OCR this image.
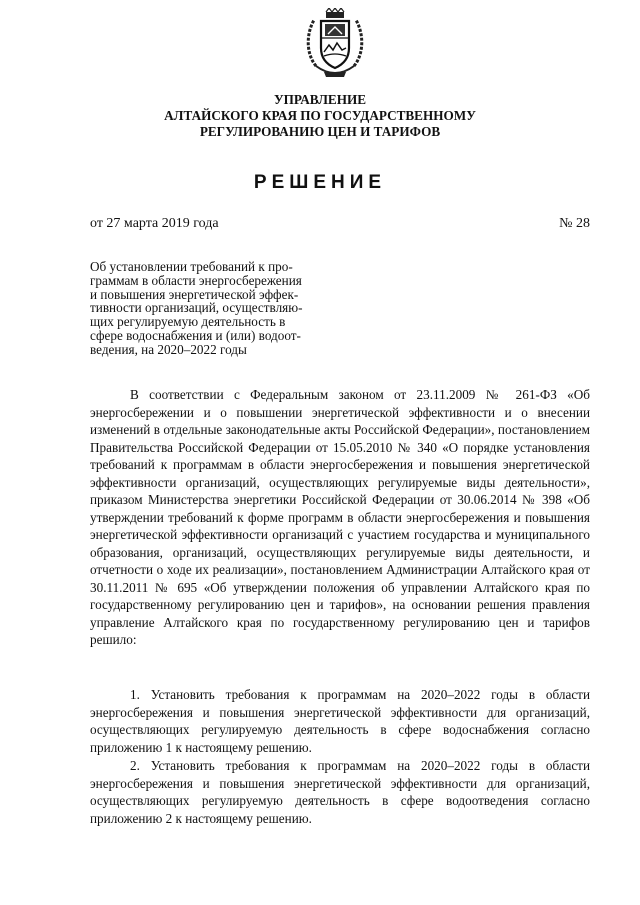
УПРАВЛЕНИЕ
АЛТАЙСКОГО КРАЯ ПО ГОСУДАРСТВЕННОМУ
РЕГУЛИРОВАНИЮ ЦЕН И ТАРИФОВ
РЕШЕНИЕ
от 27 марта 2019 года	№ 28
Об установлении требований к про-
граммам в области энергосбережения
и повышения энергетической эффек-
тивности организаций, осуществляю-
щих регулируемую деятельность в
сфере водоснабжения и (или) водоот-
ведения, на 2020–2022 годы

В соответствии с Федеральным законом от 23.11.2009 № 261-ФЗ «Об энергосбережении и о повышении энергетической эффективности и о внесении изменений в отдельные законодательные акты Российской Федерации», постановлением Правительства Российской Федерации от 15.05.2010 № 340 «О порядке установления требований к программам в области энергосбережения и повышения энергетической эффективности организаций, осуществляющих регулируемые виды деятельности», приказом Министерства энергетики Российской Федерации от 30.06.2014 № 398 «Об утверждении требований к форме программ в области энергосбережения и повышения энергетической эффективности организаций с участием государства и муниципального образования, организаций, осуществляющих регулируемые виды деятельности, и отчетности о ходе их реализации», постановлением Администрации Алтайского края от 30.11.2011 № 695 «Об утверждении положения об управлении Алтайского края по государственному регулированию цен и тарифов», на основании решения правления управление Алтайского края по государственному регулированию цен и тарифов решило:

1. Установить требования к программам на 2020–2022 годы в области энергосбережения и повышения энергетической эффективности для организаций, осуществляющих регулируемую деятельность в сфере водоснабжения согласно приложению 1 к настоящему решению.

2. Установить требования к программам на 2020–2022 годы в области энергосбережения и повышения энергетической эффективности для организаций, осуществляющих регулируемую деятельность в сфере водоотведения согласно приложению 2 к настоящему решению.
